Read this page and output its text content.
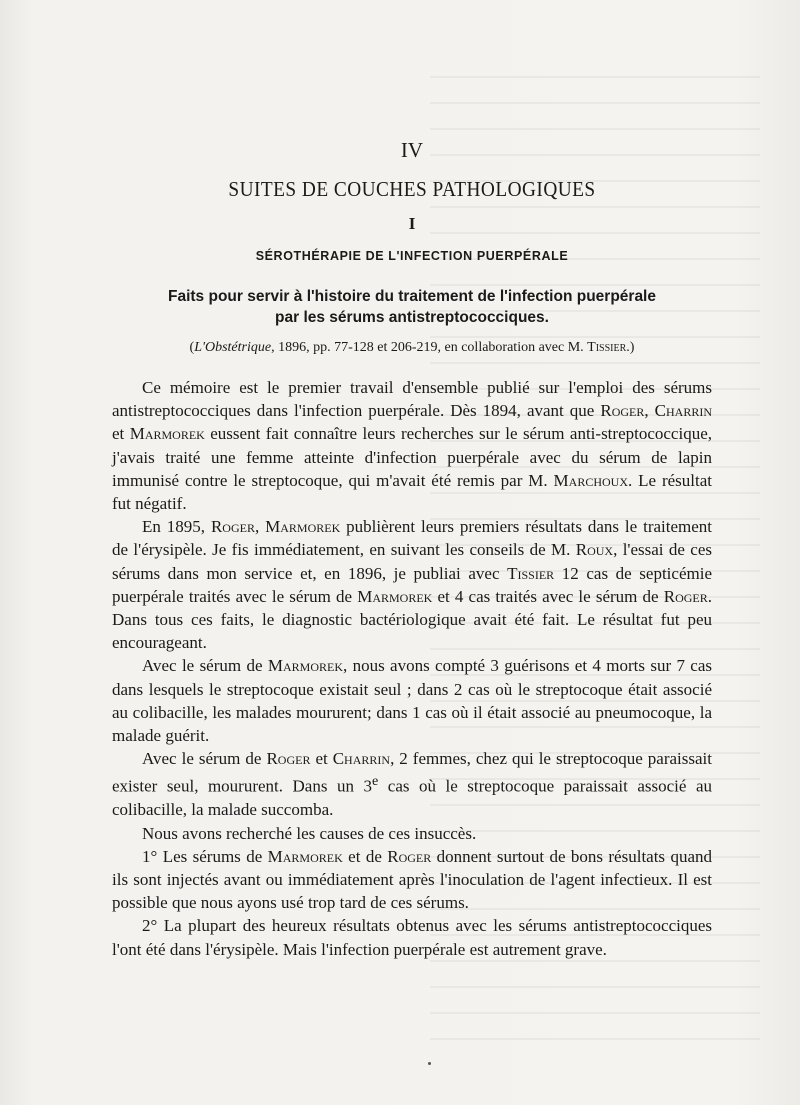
IV
SUITES DE COUCHES PATHOLOGIQUES
I
SÉROTHÉRAPIE DE L'INFECTION PUERPÉRALE
Faits pour servir à l'histoire du traitement de l'infection puerpérale
par les sérums antistreptococciques.
(L'Obstétrique, 1896, pp. 77-128 et 206-219, en collaboration avec M. Tissier.)

Ce mémoire est le premier travail d'ensemble publié sur l'emploi des sérums antistreptococciques dans l'infection puerpérale. Dès 1894, avant que Roger, Charrin et Marmorek eussent fait connaître leurs recherches sur le sérum anti-streptococcique, j'avais traité une femme atteinte d'infection puerpérale avec du sérum de lapin immunisé contre le streptocoque, qui m'avait été remis par M. Marchoux. Le résultat fut négatif.

En 1895, Roger, Marmorek publièrent leurs premiers résultats dans le traitement de l'érysipèle. Je fis immédiatement, en suivant les conseils de M. Roux, l'essai de ces sérums dans mon service et, en 1896, je publiai avec Tissier 12 cas de septicémie puerpérale traités avec le sérum de Marmorek et 4 cas traités avec le sérum de Roger. Dans tous ces faits, le diagnostic bactériologique avait été fait. Le résultat fut peu encourageant.

Avec le sérum de Marmorek, nous avons compté 3 guérisons et 4 morts sur 7 cas dans lesquels le streptocoque existait seul ; dans 2 cas où le streptocoque était associé au colibacille, les malades moururent; dans 1 cas où il était associé au pneumocoque, la malade guérit.

Avec le sérum de Roger et Charrin, 2 femmes, chez qui le streptocoque paraissait exister seul, moururent. Dans un 3e cas où le streptocoque paraissait associé au colibacille, la malade succomba.

Nous avons recherché les causes de ces insuccès.

1° Les sérums de Marmorek et de Roger donnent surtout de bons résultats quand ils sont injectés avant ou immédiatement après l'inoculation de l'agent infectieux. Il est possible que nous ayons usé trop tard de ces sérums.

2° La plupart des heureux résultats obtenus avec les sérums antistreptococciques l'ont été dans l'érysipèle. Mais l'infection puerpérale est autrement grave.
